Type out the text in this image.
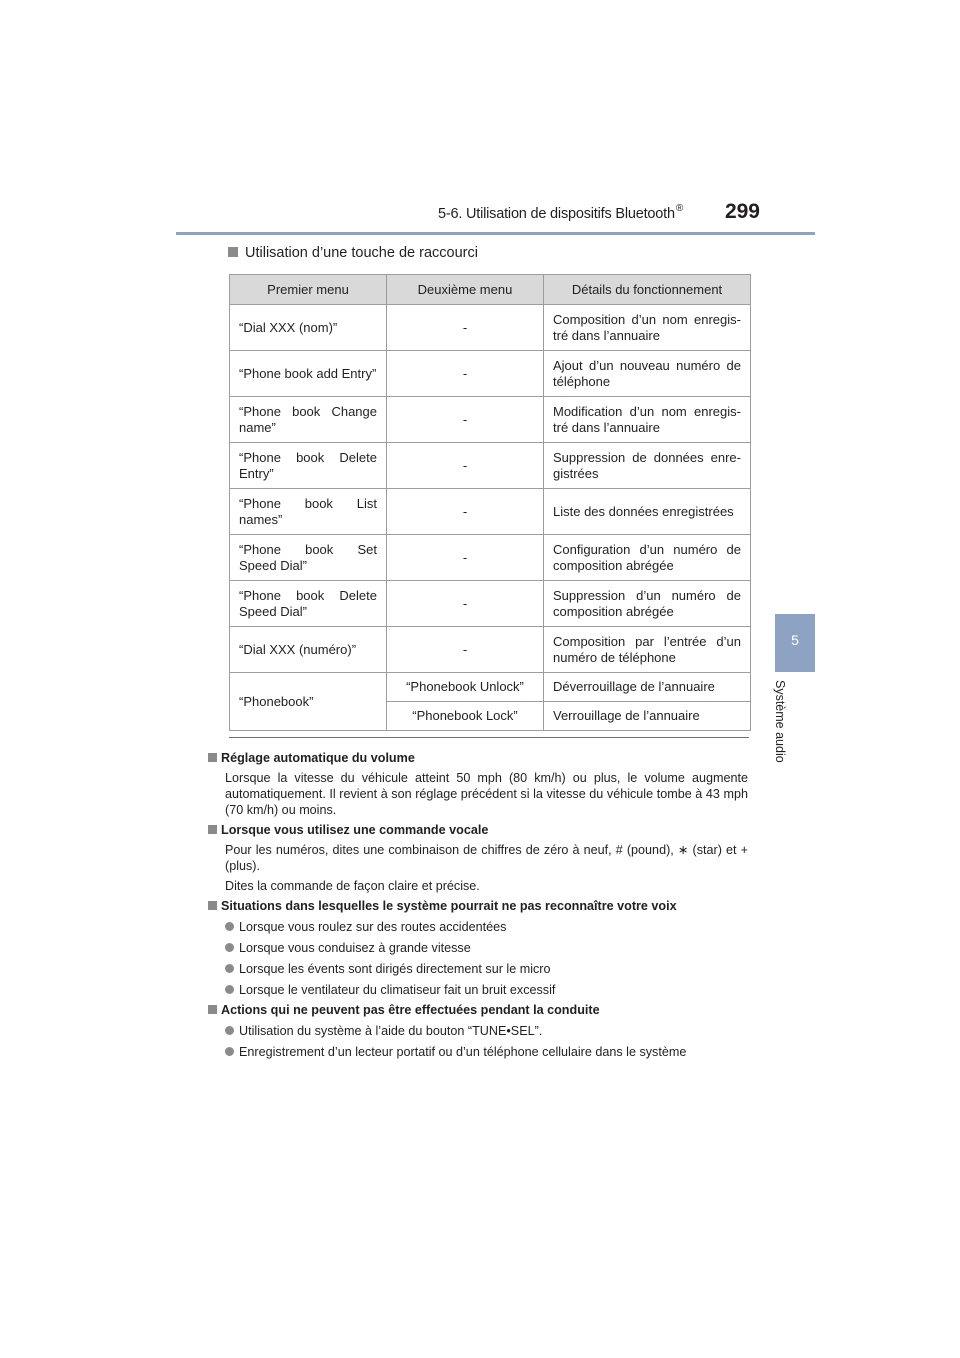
5-6. Utilisation de dispositifs Bluetooth® 299
5
Système audio
Utilisation d’une touche de raccourci
Premier menu	Deuxième menu	Détails du fonctionnement
“Dial XXX (nom)”	-	Composition d’un nom enregis-tré dans l’annuaire
“Phone book add Entry”	-	Ajout d’un nouveau numéro de téléphone
“Phone book Change name”	-	Modification d’un nom enregis-tré dans l’annuaire
“Phone book Delete Entry”	-	Suppression de données enre-gistrées
“Phone book List names”	-	Liste des données enregistrées
“Phone book Set Speed Dial”	-	Configuration d’un numéro de composition abrégée
“Phone book Delete Speed Dial”	-	Suppression d’un numéro de composition abrégée
“Dial XXX (numéro)”	-	Composition par l’entrée d’un numéro de téléphone
“Phonebook”	“Phonebook Unlock”	Déverrouillage de l’annuaire
	“Phonebook Lock”	Verrouillage de l’annuaire
Réglage automatique du volume
Lorsque la vitesse du véhicule atteint 50 mph (80 km/h) ou plus, le volume augmente automatiquement. Il revient à son réglage précédent si la vitesse du véhicule tombe à 43 mph (70 km/h) ou moins.
Lorsque vous utilisez une commande vocale
Pour les numéros, dites une combinaison de chiffres de zéro à neuf, # (pound), ∗ (star) et + (plus).
Dites la commande de façon claire et précise.
Situations dans lesquelles le système pourrait ne pas reconnaître votre voix
Lorsque vous roulez sur des routes accidentées
Lorsque vous conduisez à grande vitesse
Lorsque les évents sont dirigés directement sur le micro
Lorsque le ventilateur du climatiseur fait un bruit excessif
Actions qui ne peuvent pas être effectuées pendant la conduite
Utilisation du système à l’aide du bouton “TUNE•SEL”.
Enregistrement d’un lecteur portatif ou d’un téléphone cellulaire dans le système
